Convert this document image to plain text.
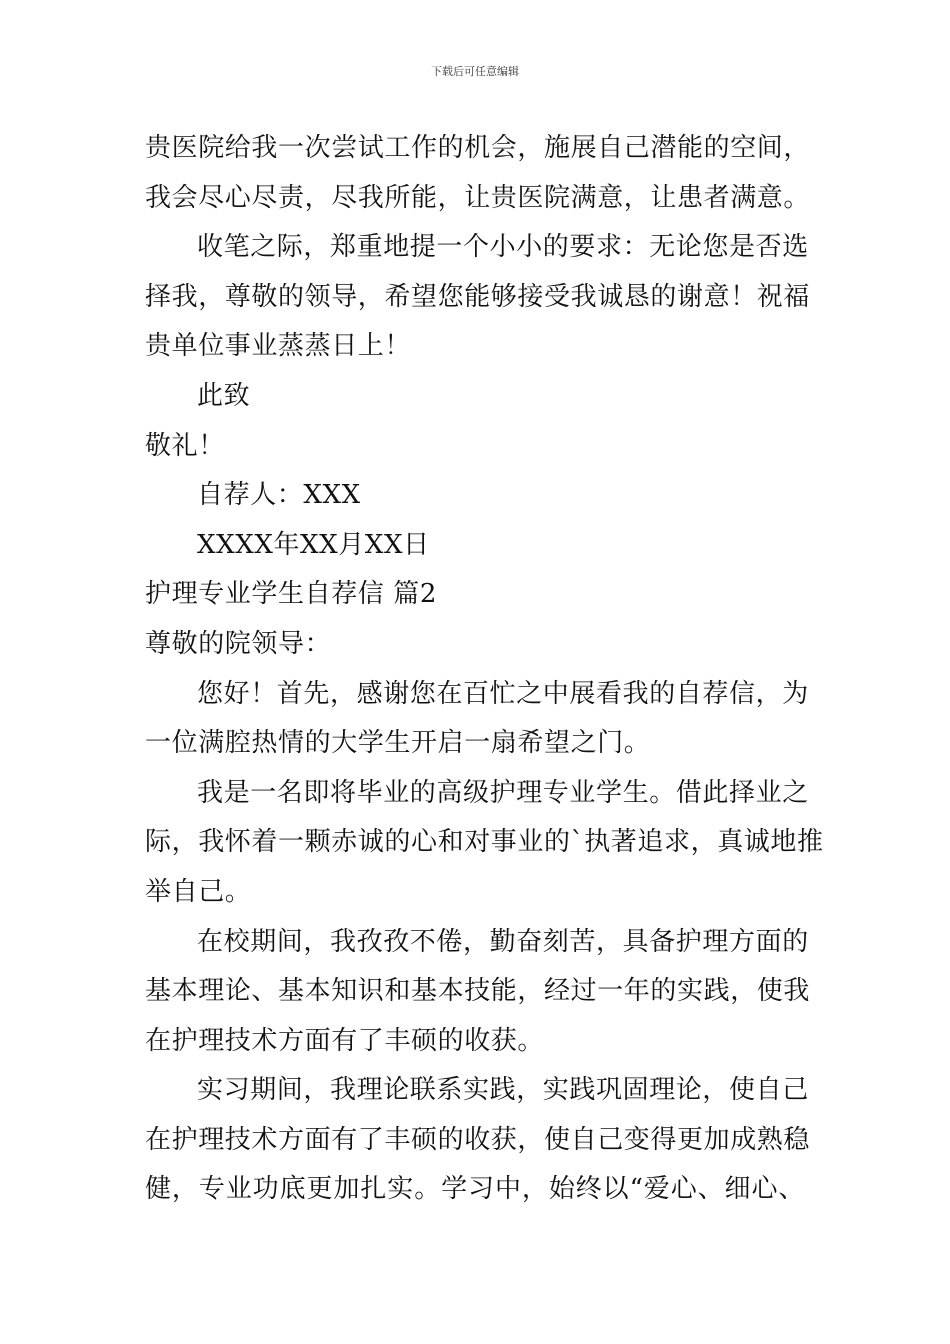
下载后可任意编辑
贵医院给我一次尝试工作的机会，施展自己潜能的空间，
我会尽心尽责，尽我所能，让贵医院满意，让患者满意。
收笔之际，郑重地提一个小小的要求：无论您是否选
择我，尊敬的领导，希望您能够接受我诚恳的谢意！祝福
贵单位事业蒸蒸日上！
此致
敬礼！
自荐人：XXX
XXXX年XX月XX日
护理专业学生自荐信 篇2
尊敬的院领导：
您好！首先，感谢您在百忙之中展看我的自荐信，为
一位满腔热情的大学生开启一扇希望之门。
我是一名即将毕业的高级护理专业学生。借此择业之
际，我怀着一颗赤诚的心和对事业的`执著追求，真诚地推
举自己。
在校期间，我孜孜不倦，勤奋刻苦，具备护理方面的
基本理论、基本知识和基本技能，经过一年的实践，使我
在护理技术方面有了丰硕的收获。
实习期间，我理论联系实践，实践巩固理论，使自己
在护理技术方面有了丰硕的收获，使自己变得更加成熟稳
健，专业功底更加扎实。学习中，始终以“爱心、细心、
